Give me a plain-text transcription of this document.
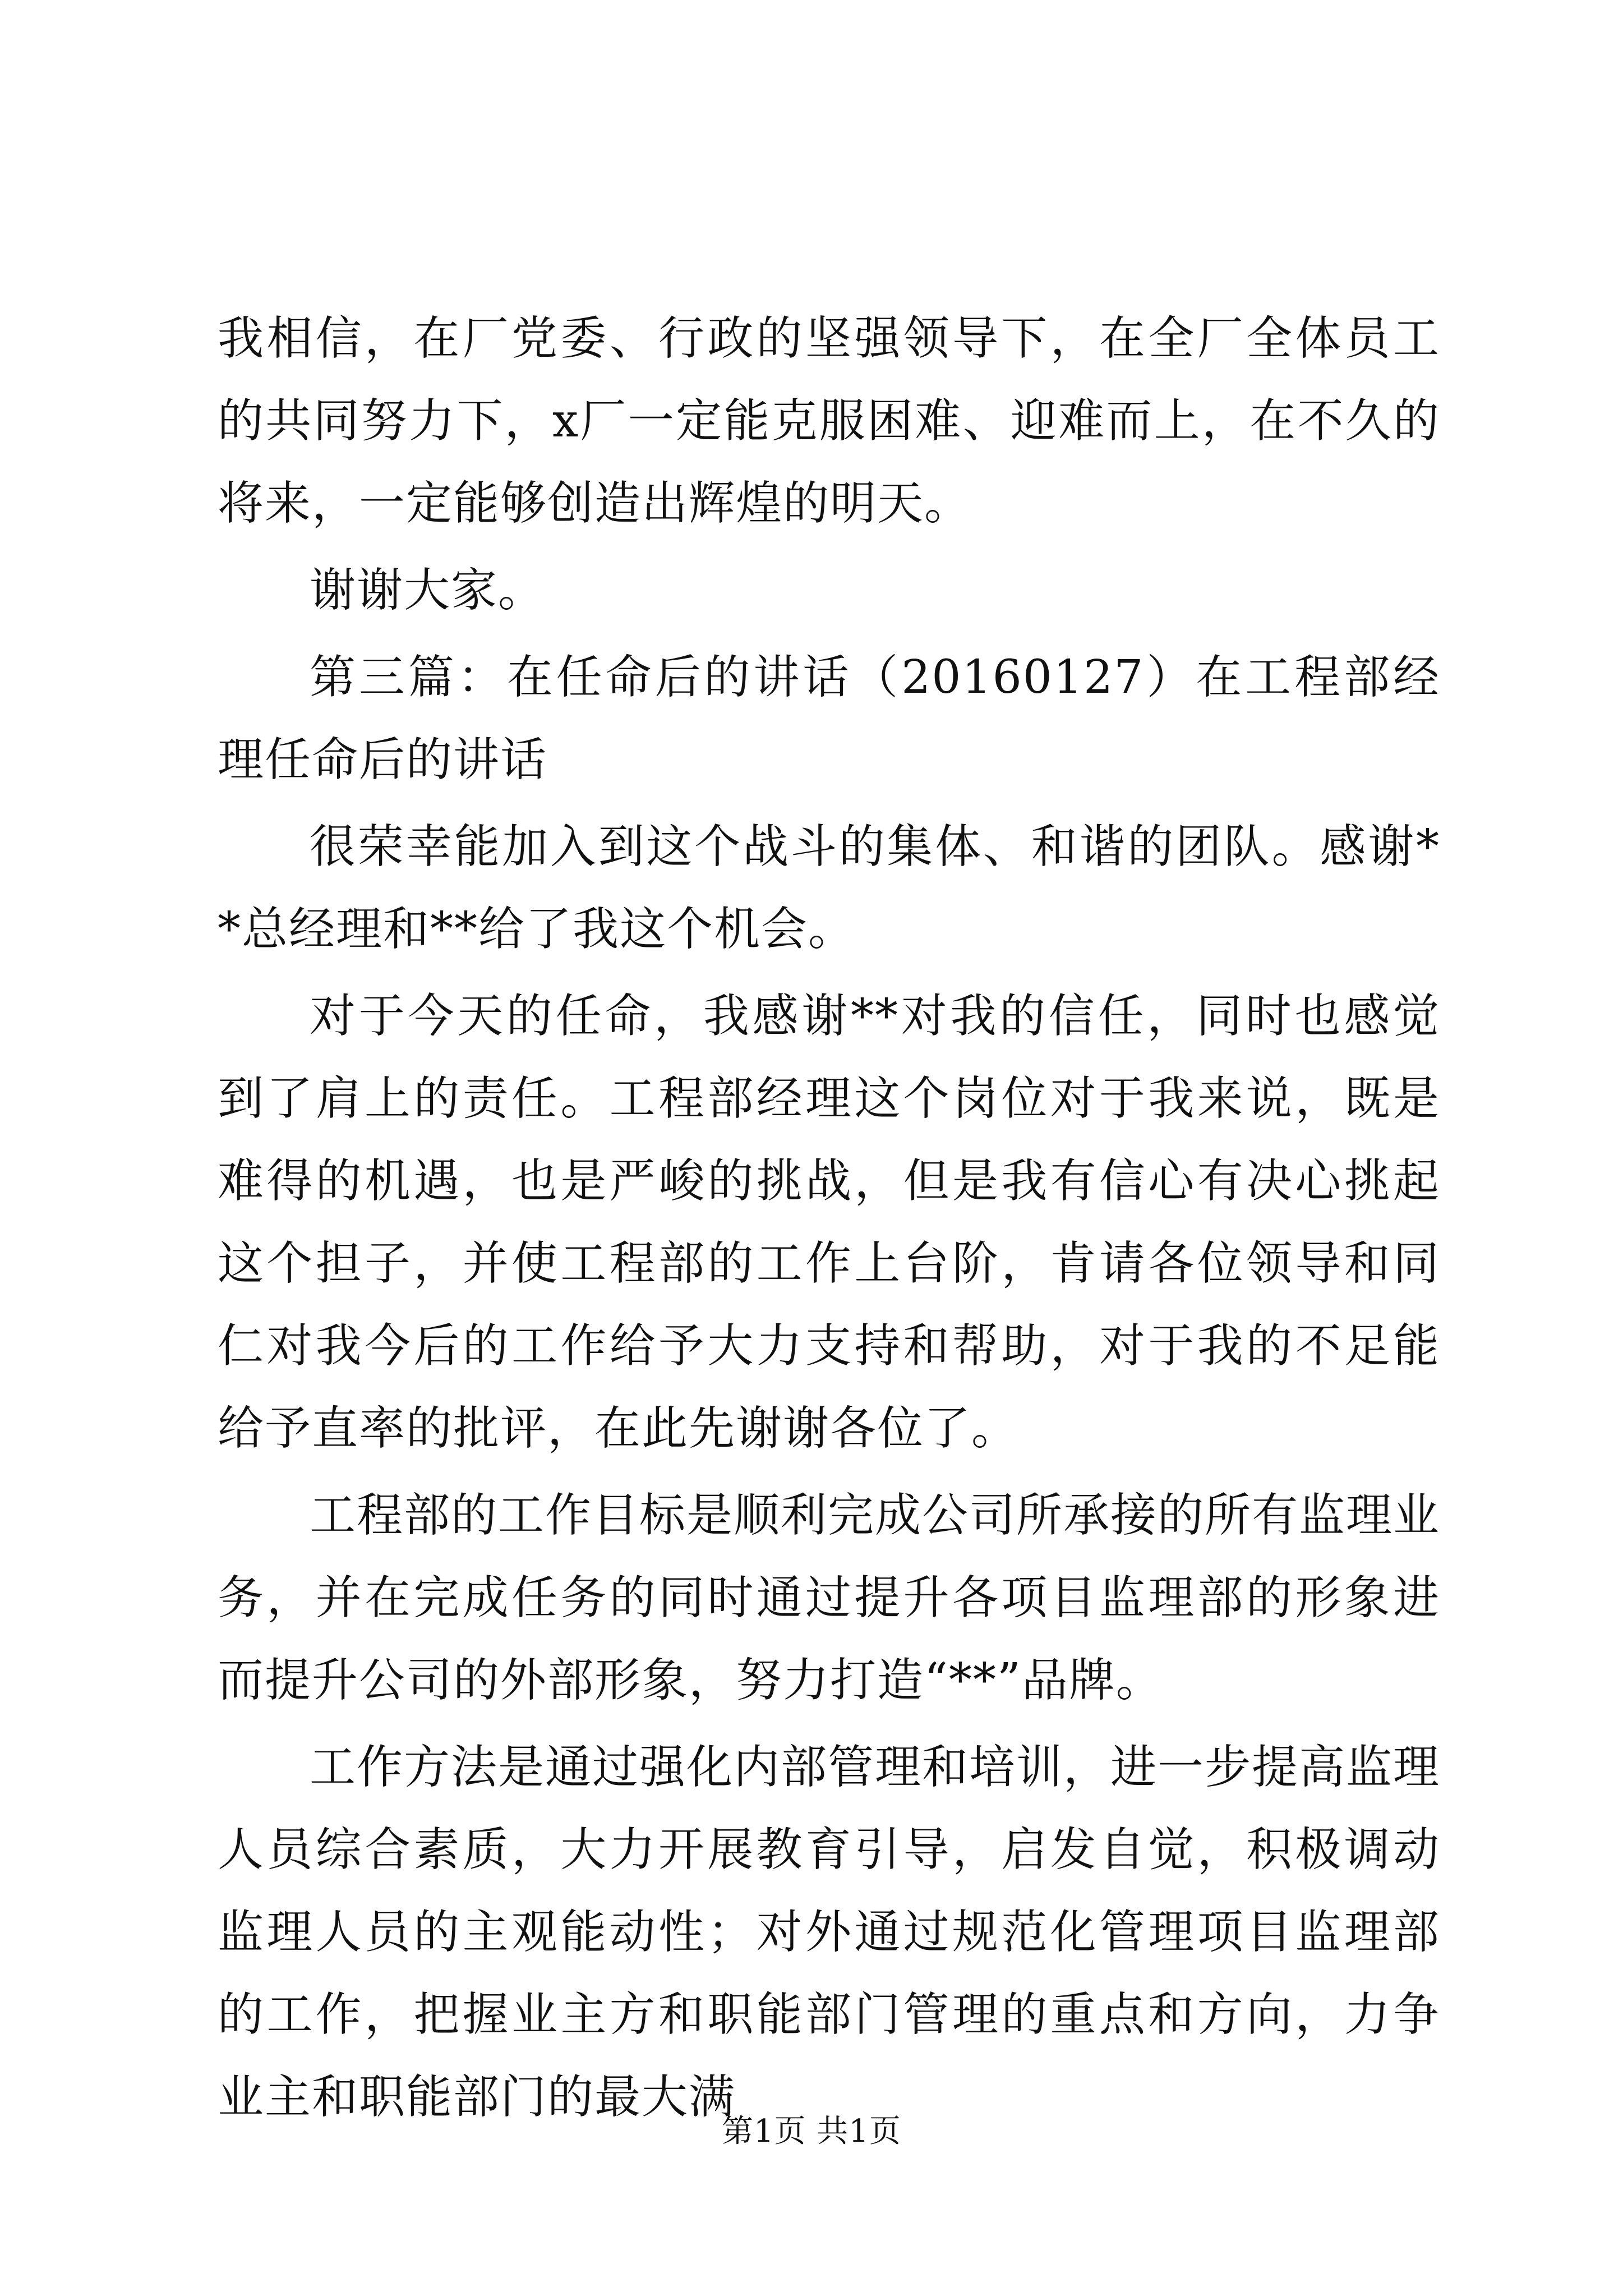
我相信，在厂党委、行政的坚强领导下，在全厂全体员工的共同努力下，x厂一定能克服困难、迎难而上，在不久的将来，一定能够创造出辉煌的明天。

谢谢大家。

第三篇：在任命后的讲话（20160127）在工程部经理任命后的讲话

很荣幸能加入到这个战斗的集体、和谐的团队。感谢**总经理和**给了我这个机会。

对于今天的任命，我感谢**对我的信任，同时也感觉到了肩上的责任。工程部经理这个岗位对于我来说，既是难得的机遇，也是严峻的挑战，但是我有信心有决心挑起这个担子，并使工程部的工作上台阶，肯请各位领导和同仁对我今后的工作给予大力支持和帮助，对于我的不足能给予直率的批评，在此先谢谢各位了。

工程部的工作目标是顺利完成公司所承接的所有监理业务，并在完成任务的同时通过提升各项目监理部的形象进而提升公司的外部形象，努力打造“**”品牌。

工作方法是通过强化内部管理和培训，进一步提高监理人员综合素质，大力开展教育引导，启发自觉，积极调动监理人员的主观能动性；对外通过规范化管理项目监理部的工作，把握业主方和职能部门管理的重点和方向，力争业主和职能部门的最大满

第1页 共1页
